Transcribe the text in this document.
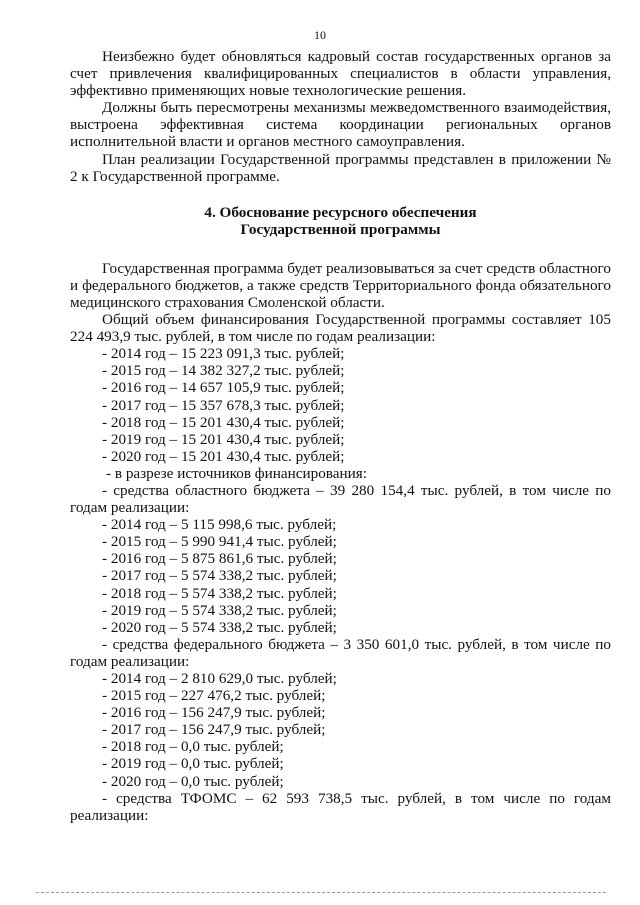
10

Неизбежно будет обновляться кадровый состав государственных органов за счет привлечения квалифицированных специалистов в области управления, эффективно применяющих новые технологические решения.

Должны быть пересмотрены механизмы межведомственного взаимодействия, выстроена эффективная система координации региональных органов исполнительной власти и органов местного самоуправления.

План реализации Государственной программы представлен в приложении № 2 к Государственной программе.

4. Обоснование ресурсного обеспечения
Государственной программы

Государственная программа будет реализовываться за счет средств областного и федерального бюджетов, а также средств Территориального фонда обязательного медицинского страхования Смоленской области.

Общий объем финансирования Государственной программы составляет 105 224 493,9 тыс. рублей, в том числе по годам реализации:

- 2014 год – 15 223 091,3 тыс. рублей;

- 2015 год – 14 382 327,2 тыс. рублей;

- 2016 год – 14 657 105,9 тыс. рублей;

- 2017 год – 15 357 678,3 тыс. рублей;

- 2018 год – 15 201 430,4 тыс. рублей;

- 2019 год – 15 201 430,4 тыс. рублей;

- 2020 год – 15 201 430,4 тыс. рублей;

- в разрезе источников финансирования:

- средства областного бюджета – 39 280 154,4 тыс. рублей, в том числе по годам реализации:

- 2014 год – 5 115 998,6 тыс. рублей;

- 2015 год – 5 990 941,4 тыс. рублей;

- 2016 год – 5 875 861,6 тыс. рублей;

- 2017 год – 5 574 338,2 тыс. рублей;

- 2018 год – 5 574 338,2 тыс. рублей;

- 2019 год – 5 574 338,2 тыс. рублей;

- 2020 год – 5 574 338,2 тыс. рублей;

- средства федерального бюджета – 3 350 601,0 тыс. рублей, в том числе по годам реализации:

- 2014 год – 2 810 629,0 тыс. рублей;

- 2015 год – 227 476,2 тыс. рублей;

- 2016 год – 156 247,9 тыс. рублей;

- 2017 год – 156 247,9 тыс. рублей;

- 2018 год – 0,0 тыс. рублей;

- 2019 год – 0,0 тыс. рублей;

- 2020 год – 0,0 тыс. рублей;

- средства ТФОМС – 62 593 738,5 тыс. рублей, в том числе по годам реализации:
